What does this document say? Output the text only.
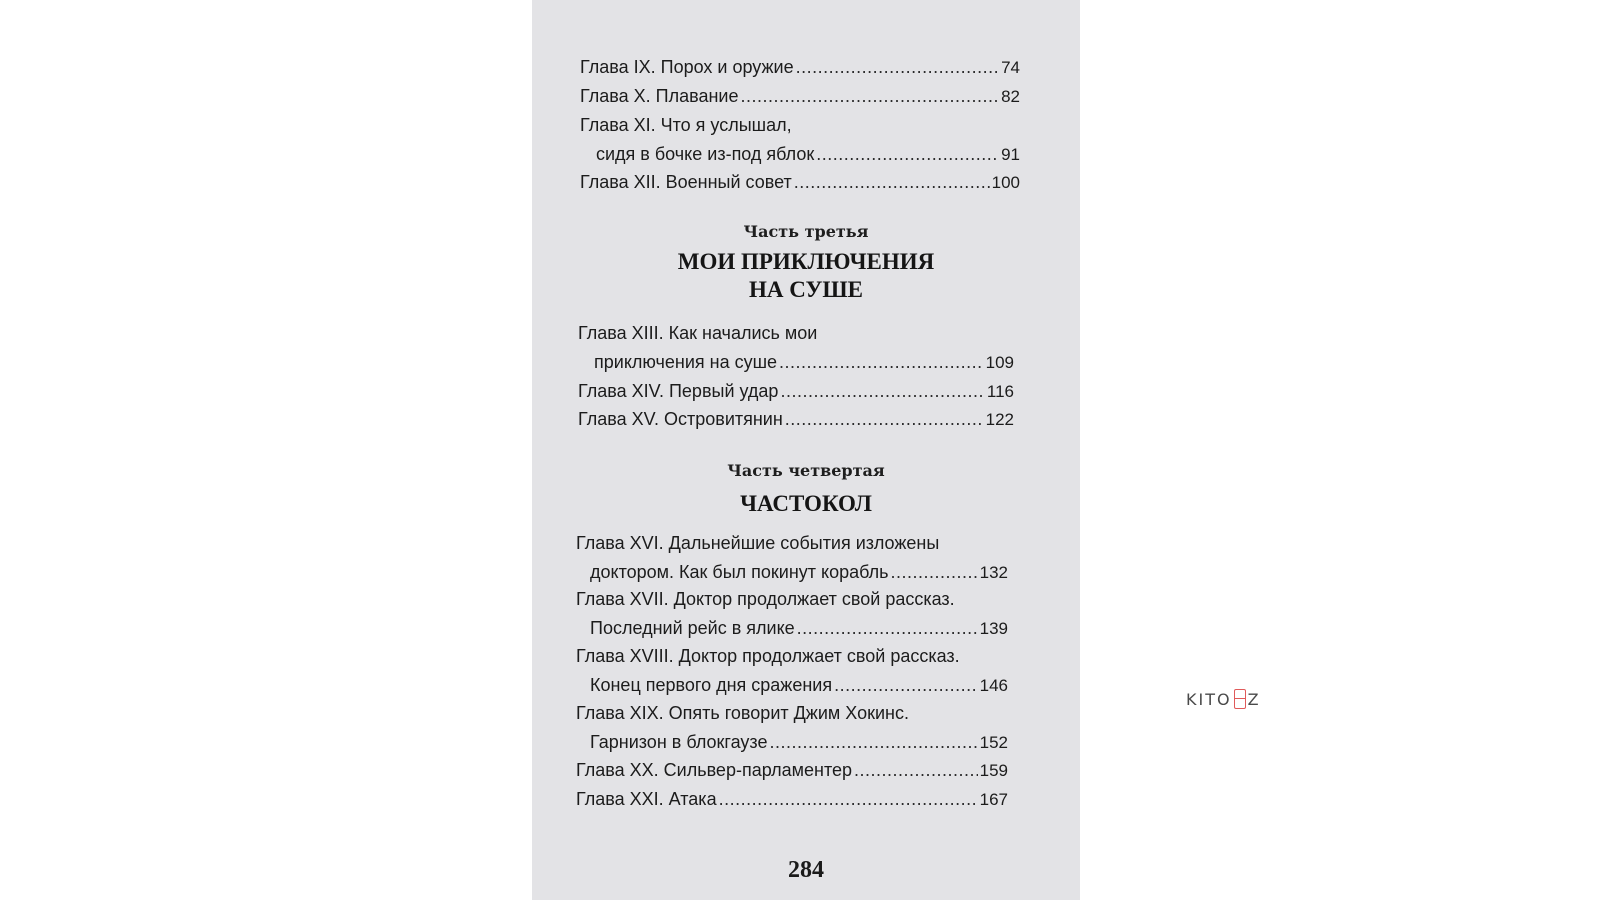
Часть третья
МОИ ПРИКЛЮЧЕНИЯ
НА СУШЕ
Часть четвертая
ЧАСТОКОЛ
284
Глава IX. Порох и оружие .....	74
Глава X. Плавание .....	82
Глава XI. Что я услышал,
сидя в бочке из-под яблок .....	91
Глава XII. Военный совет .....	100
Глава XIII. Как начались мои
приключения на суше .....	109
Глава XIV. Первый удар .....	116
Глава XV. Островитянин .....	122
Глава XVI. Дальнейшие события изложены
доктором. Как был покинут корабль .....	132
Глава XVII. Доктор продолжает свой рассказ.
Последний рейс в ялике .....	139
Глава XVIII. Доктор продолжает свой рассказ.
Конец первого дня сражения .....	146
Глава XIX. Опять говорит Джим Хокинс.
Гарнизон в блокгаузе .....	152
Глава XX. Сильвер-парламентер .....	159
Глава XXI. Атака .....	167
KITO Z
